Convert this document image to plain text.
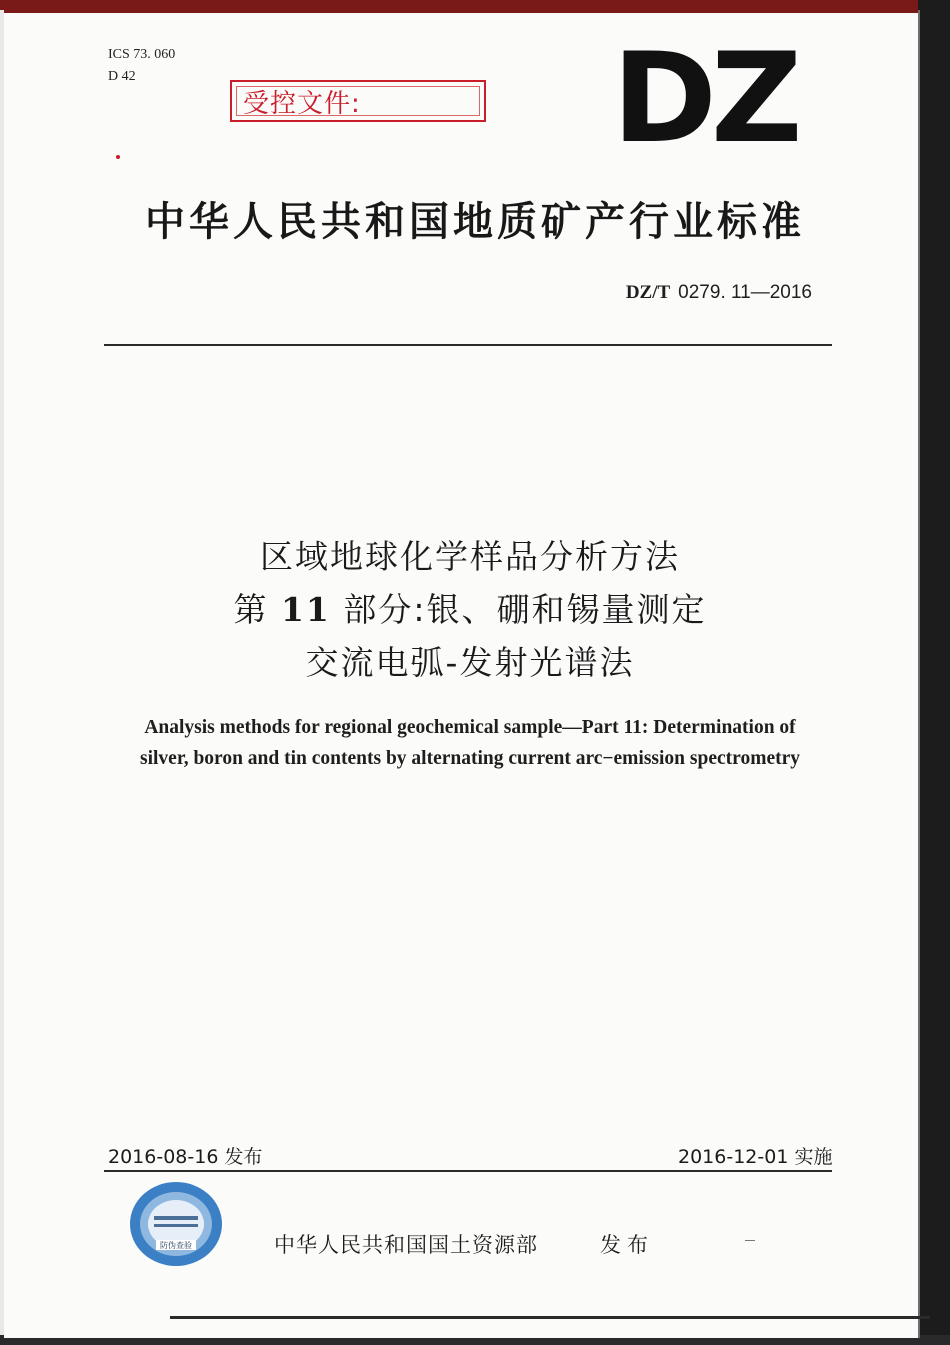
ICS 73. 060
D 42
受控文件:	DZ
中华人民共和国地质矿产行业标准
DZ/T 0279. 11—2016
区域地球化学样品分析方法
第 11 部分:银、硼和锡量测定
交流电弧-发射光谱法
Analysis methods for regional geochemical sample—Part 11: Determination of
silver, boron and tin contents by alternating current arc−emission spectrometry
2016-08-16 发布	2016-12-01 实施
防伪查验	中华人民共和国国土资源部	发布
